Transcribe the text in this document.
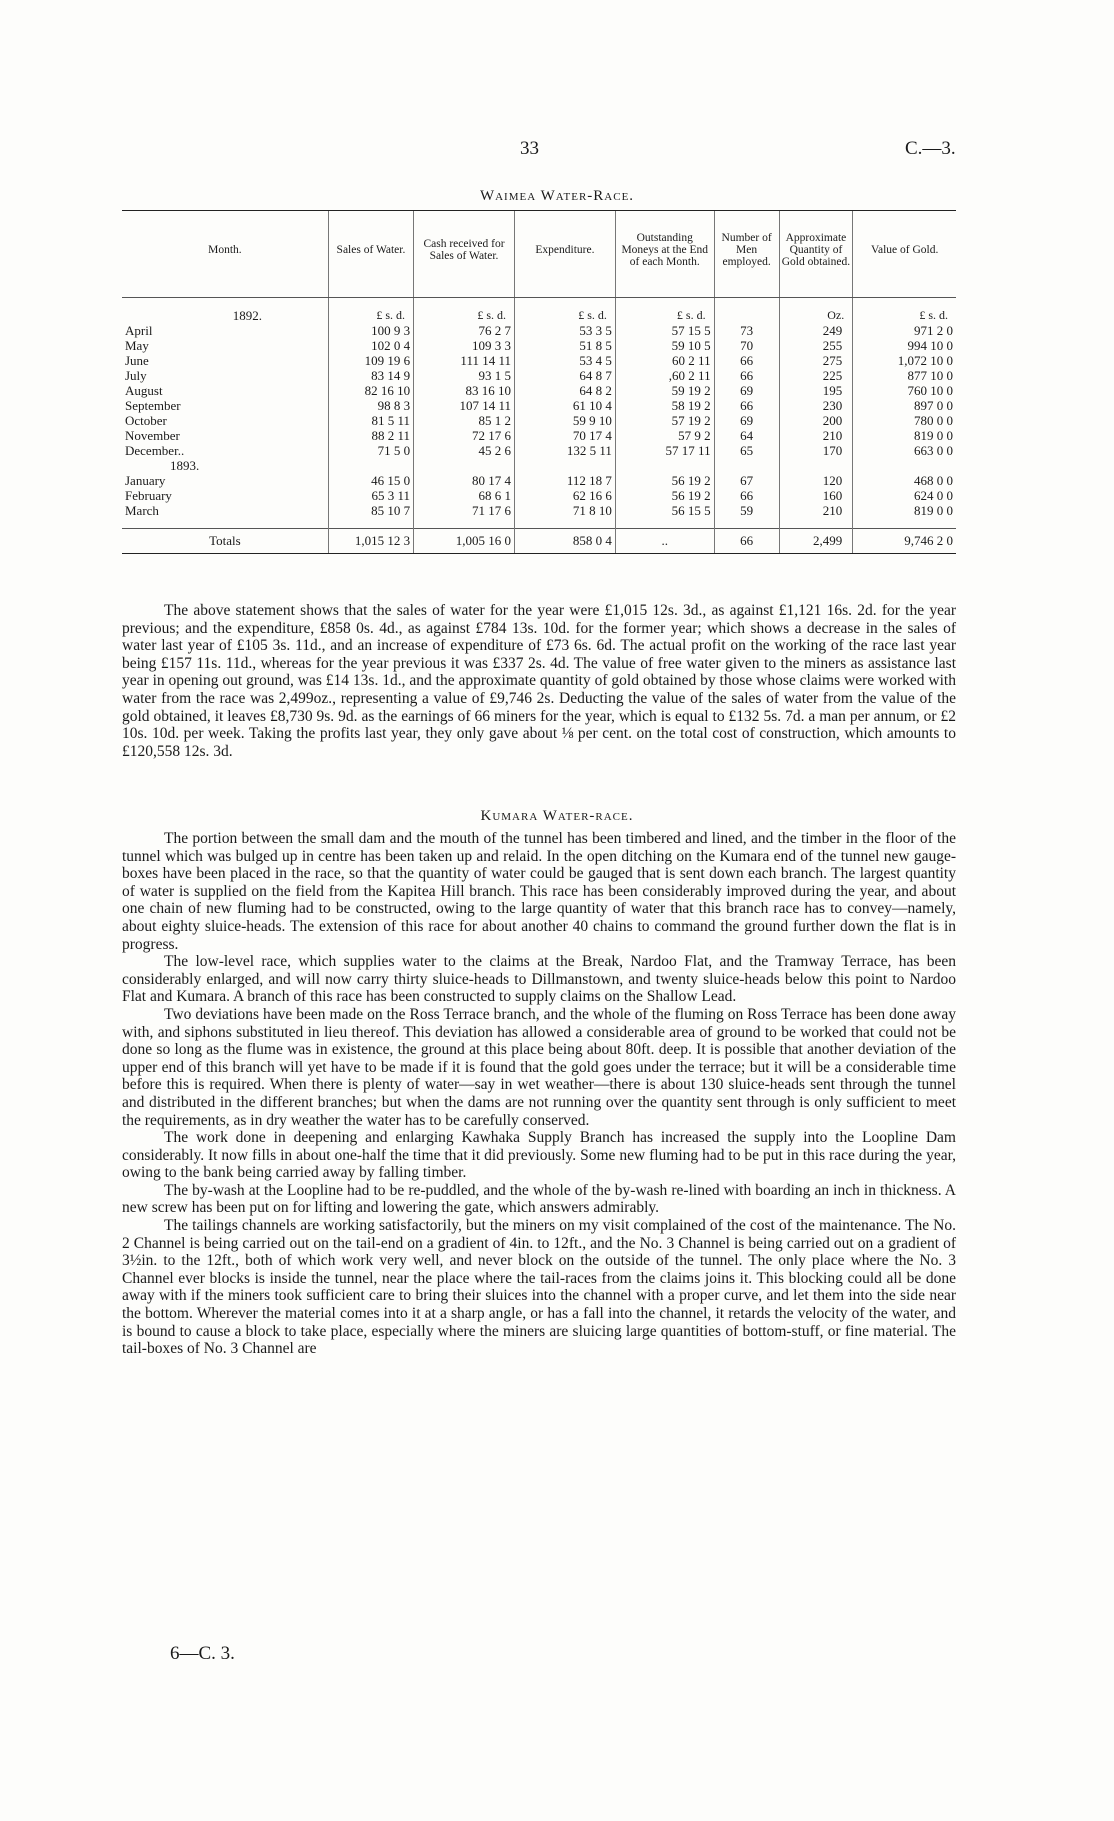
33	C.—3.
Waimea Water-Race.
Month.	Sales of Water.	Cash received for Sales of Water.	Expenditure.	Outstanding Moneys at the End of each Month.	Number of Men employed.	Approximate Quantity of Gold obtained.	Value of Gold.
1892.	£ s. d.	£ s. d.	£ s. d.	£ s. d.		Oz.	£ s. d.
April	100 9 3	76 2 7	53 3 5	57 15 5	73	249	971 2 0
May	102 0 4	109 3 3	51 8 5	59 10 5	70	255	994 10 0
June	109 19 6	111 14 11	53 4 5	60 2 11	66	275	1,072 10 0
July	83 14 9	93 1 5	64 8 7	,60 2 11	66	225	877 10 0
August	82 16 10	83 16 10	64 8 2	59 19 2	69	195	760 10 0
September	98 8 3	107 14 11	61 10 4	58 19 2	66	230	897 0 0
October	81 5 11	85 1 2	59 9 10	57 19 2	69	200	780 0 0
November	88 2 11	72 17 6	70 17 4	57 9 2	64	210	819 0 0
December..	71 5 0	45 2 6	132 5 11	57 17 11	65	170	663 0 0
1893.							
January	46 15 0	80 17 4	112 18 7	56 19 2	67	120	468 0 0
February	65 3 11	68 6 1	62 16 6	56 19 2	66	160	624 0 0
March	85 10 7	71 17 6	71 8 10	56 15 5	59	210	819 0 0

Totals	1,015 12 3	1,005 16 0	858 0 4	..	66	2,499	9,746 2 0
The above statement shows that the sales of water for the year were £1,015 12s. 3d., as against £1,121 16s. 2d. for the year previous; and the expenditure, £858 0s. 4d., as against £784 13s. 10d. for the former year; which shows a decrease in the sales of water last year of £105 3s. 11d., and an increase of expenditure of £73 6s. 6d. The actual profit on the working of the race last year being £157 11s. 11d., whereas for the year previous it was £337 2s. 4d. The value of free water given to the miners as assistance last year in opening out ground, was £14 13s. 1d., and the approximate quantity of gold obtained by those whose claims were worked with water from the race was 2,499oz., representing a value of £9,746 2s. Deducting the value of the sales of water from the value of the gold obtained, it leaves £8,730 9s. 9d. as the earnings of 66 miners for the year, which is equal to £132 5s. 7d. a man per annum, or £2 10s. 10d. per week. Taking the profits last year, they only gave about ⅛ per cent. on the total cost of construction, which amounts to £120,558 12s. 3d.
Kumara Water-race.

The portion between the small dam and the mouth of the tunnel has been timbered and lined, and the timber in the floor of the tunnel which was bulged up in centre has been taken up and relaid. In the open ditching on the Kumara end of the tunnel new gauge-boxes have been placed in the race, so that the quantity of water could be gauged that is sent down each branch. The largest quantity of water is supplied on the field from the Kapitea Hill branch. This race has been considerably improved during the year, and about one chain of new fluming had to be constructed, owing to the large quantity of water that this branch race has to convey—namely, about eighty sluice-heads. The extension of this race for about another 40 chains to command the ground further down the flat is in progress.

The low-level race, which supplies water to the claims at the Break, Nardoo Flat, and the Tramway Terrace, has been considerably enlarged, and will now carry thirty sluice-heads to Dillmanstown, and twenty sluice-heads below this point to Nardoo Flat and Kumara. A branch of this race has been constructed to supply claims on the Shallow Lead.

Two deviations have been made on the Ross Terrace branch, and the whole of the fluming on Ross Terrace has been done away with, and siphons substituted in lieu thereof. This deviation has allowed a considerable area of ground to be worked that could not be done so long as the flume was in existence, the ground at this place being about 80ft. deep. It is possible that another deviation of the upper end of this branch will yet have to be made if it is found that the gold goes under the terrace; but it will be a considerable time before this is required. When there is plenty of water—say in wet weather—there is about 130 sluice-heads sent through the tunnel and distributed in the different branches; but when the dams are not running over the quantity sent through is only sufficient to meet the requirements, as in dry weather the water has to be carefully conserved.

The work done in deepening and enlarging Kawhaka Supply Branch has increased the supply into the Loopline Dam considerably. It now fills in about one-half the time that it did previously. Some new fluming had to be put in this race during the year, owing to the bank being carried away by falling timber.

The by-wash at the Loopline had to be re-puddled, and the whole of the by-wash re-lined with boarding an inch in thickness. A new screw has been put on for lifting and lowering the gate, which answers admirably.

The tailings channels are working satisfactorily, but the miners on my visit complained of the cost of the maintenance. The No. 2 Channel is being carried out on the tail-end on a gradient of 4in. to 12ft., and the No. 3 Channel is being carried out on a gradient of 3½in. to the 12ft., both of which work very well, and never block on the outside of the tunnel. The only place where the No. 3 Channel ever blocks is inside the tunnel, near the place where the tail-races from the claims joins it. This blocking could all be done away with if the miners took sufficient care to bring their sluices into the channel with a proper curve, and let them into the side near the bottom. Wherever the material comes into it at a sharp angle, or has a fall into the channel, it retards the velocity of the water, and is bound to cause a block to take place, especially where the miners are sluicing large quantities of bottom-stuff, or fine material. The tail-boxes of No. 3 Channel are

6—C. 3.
